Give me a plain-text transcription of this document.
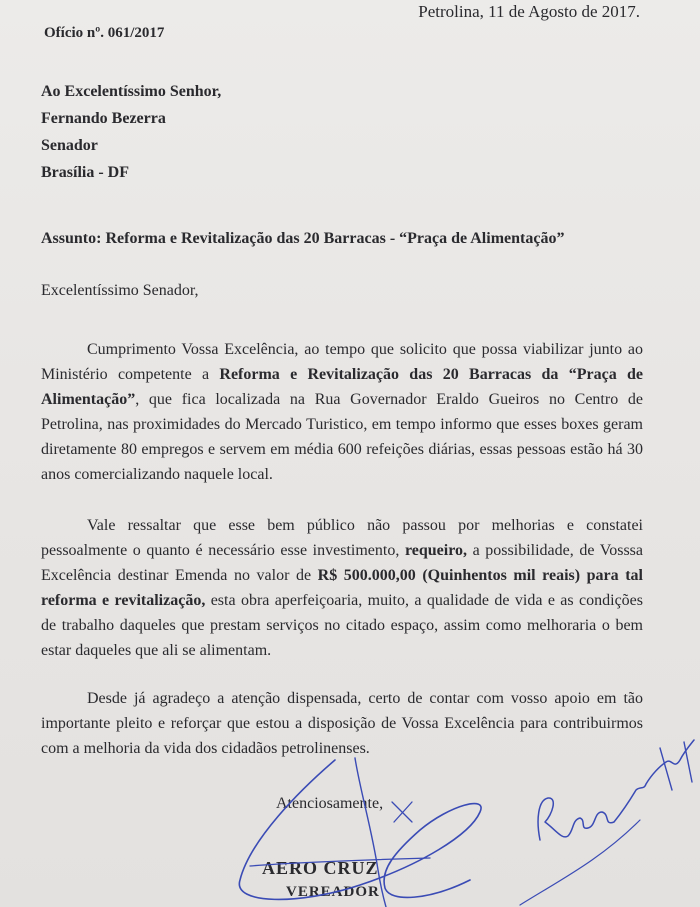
Petrolina, 11 de Agosto de 2017.
Ofício nº. 061/2017
Ao Excelentíssimo Senhor,
Fernando Bezerra
Senador
Brasília - DF
Assunto: Reforma e Revitalização das 20 Barracas - “Praça de Alimentação”
Excelentíssimo Senador,
Cumprimento Vossa Excelência, ao tempo que solicito que possa viabilizar junto ao Ministério competente a Reforma e Revitalização das 20 Barracas da “Praça de Alimentação”, que fica localizada na Rua Governador Eraldo Gueiros no Centro de Petrolina, nas proximidades do Mercado Turistico, em tempo informo que esses boxes geram diretamente 80 empregos e servem em média 600 refeições diárias, essas pessoas estão há 30 anos comercializando naquele local.
Vale ressaltar que esse bem público não passou por melhorias e constatei pessoalmente o quanto é necessário esse investimento, requeiro, a possibilidade, de Vosssa Excelência destinar Emenda no valor de R$ 500.000,00 (Quinhentos mil reais) para tal reforma e revitalização, esta obra aperfeiçoaria, muito, a qualidade de vida e as condições de trabalho daqueles que prestam serviços no citado espaço, assim como melhoraria o bem estar daqueles que ali se alimentam.
Desde já agradeço a atenção dispensada, certo de contar com vosso apoio em tão importante pleito e reforçar que estou a disposição de Vossa Excelência para contribuirmos com a melhoria da vida dos cidadãos petrolinenses.
Atenciosamente,
AERO CRUZ
VEREADOR
